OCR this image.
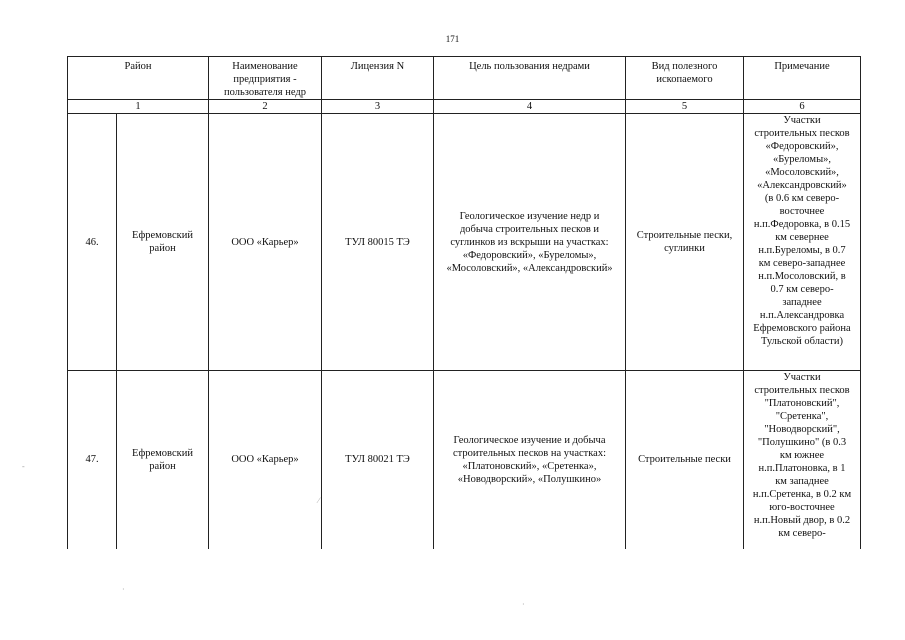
171
Район		Наименование предприятия - пользователя недр	Лицензия N	Цель пользования недрами	Вид полезного ископаемого	Примечание
1		2	3	4	5	6
46.	Ефремовский район	ООО «Карьер»	ТУЛ 80015 ТЭ	Геологическое изучение недр и добыча строительных песков и суглинков из вскрыши на участках: «Федоровский», «Буреломы», «Мосоловский», «Александровский»	Строительные пески, суглинки	Участки строительных песков «Федоровский», «Буреломы», «Мосоловский», «Александровский» (в 0.6 км северо-восточнее н.п.Федоровка, в 0.15 км севернее н.п.Буреломы, в 0.7 км северо-западнее н.п.Мосоловский, в 0.7 км северо-западнее н.п.Александровка Ефремовского района Тульской области)
47.	Ефремовский район	ООО «Карьер»	ТУЛ 80021 ТЭ	Геологическое изучение и добыча строительных песков на участках: «Платоновский», «Сретенка», «Новодворский», «Полушкино»	Строительные пески	Участки строительных песков "Платоновский", "Сретенка", "Новодворский", "Полушкино" (в 0.3 км южнее н.п.Платоновка, в 1 км западнее н.п.Сретенка, в 0.2 км юго-восточнее н.п.Новый двор, в 0.2 км северо-
⁄
·
·
-
